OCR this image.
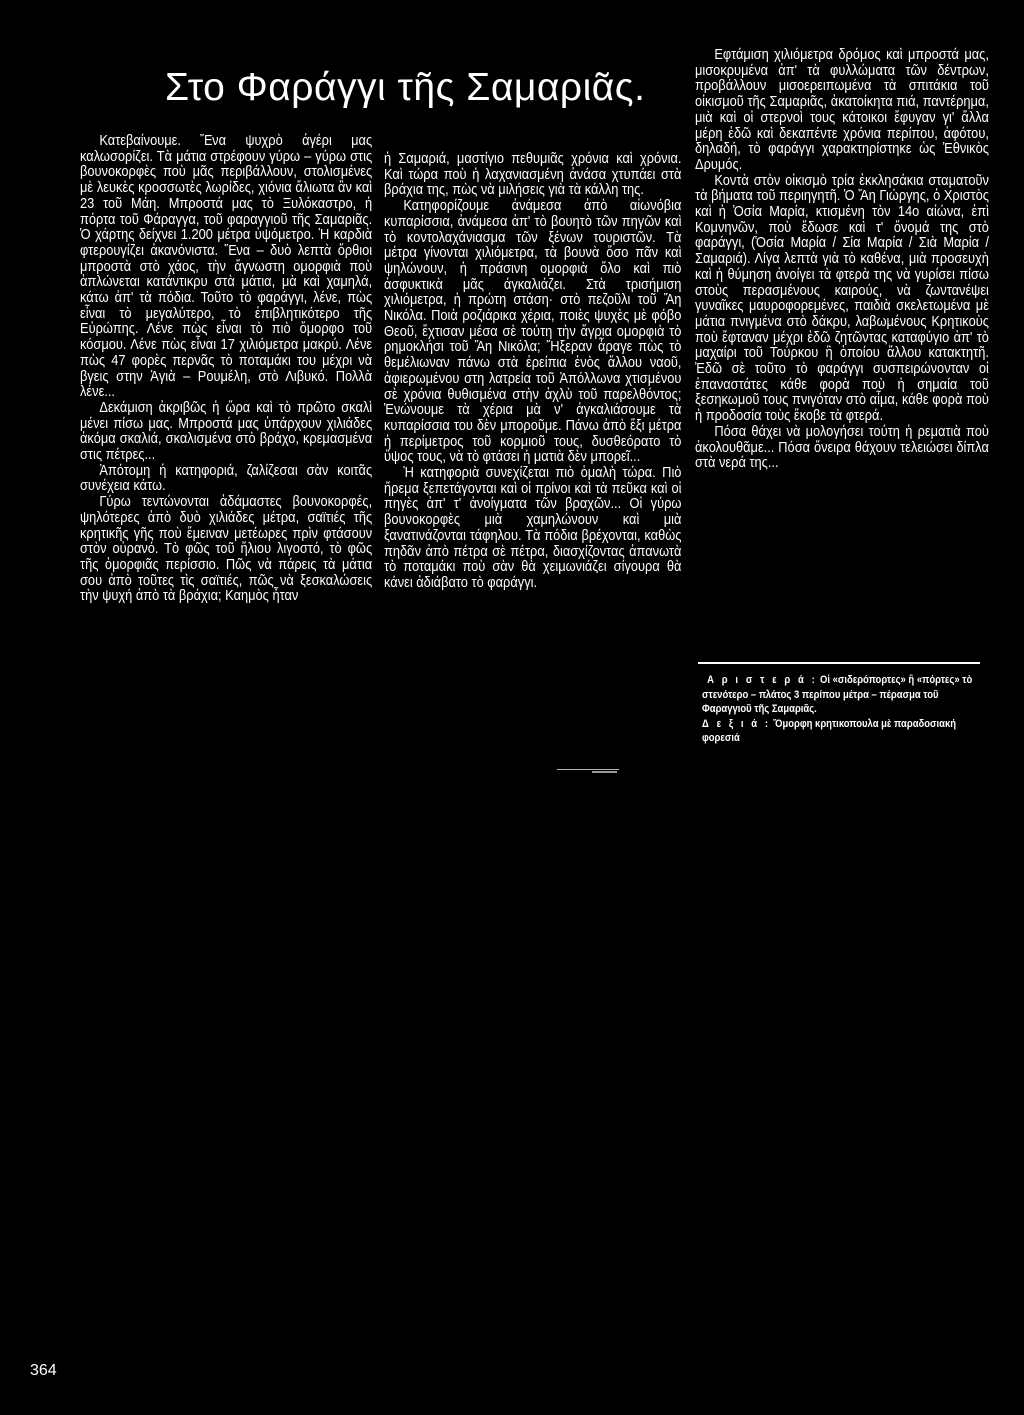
Στο Φαράγγι τῆς Σαμαριᾶς.

Κατεβαίνουμε. Ἕνα ψυχρὸ ἀγέρι μας καλωσορίζει. Τὰ μάτια στρέφουν γύρω – γύρω στις βουνοκορφὲς ποὺ μᾶς περιβάλλουν, στολισμένες μὲ λευκὲς κροσσωτὲς λωρίδες, χιόνια ἄλιωτα ἂν καὶ 23 τοῦ Μάη. Μπροστά μας τὸ Ξυλόκαστρο, ἡ πόρτα τοῦ Φάραγγα, τοῦ φαραγγιοῦ τῆς Σαμαριᾶς. Ὁ χάρτης δείχνει 1.200 μέτρα ὑψόμετρο. Ἡ καρδιὰ φτερουγίζει ἀκανόνιστα. Ἕνα – δυὸ λεπτὰ ὄρθιοι μπροστὰ στὸ χάος, τὴν ἄγνωστη ομορφιὰ ποὺ ἁπλώνεται κατάντικρυ στὰ μάτια, μὰ καὶ χαμηλά, κάτω ἀπ' τὰ πόδια. Τοῦτο τὸ φαράγγι, λένε, πὼς εἶναι τὸ μεγαλύτερο, τὸ ἐπιβλητικότερο τῆς Εὐρώπης. Λένε πὼς εἶναι τὸ πιὸ ὄμορφο τοῦ κόσμου. Λένε πὼς εἶναι 17 χιλιόμετρα μακρύ. Λένε πὼς 47 φορὲς περνᾶς τὸ ποταμάκι του μέχρι νὰ βγεις στην Ἁγιὰ – Ρουμέλη, στὸ Λιβυκό. Πολλὰ λένε...

Δεκάμιση ἀκριβῶς ἡ ὥρα καὶ τὸ πρῶτο σκαλὶ μένει πίσω μας. Μπροστά μας ὑπάρχουν χιλιάδες ἀκόμα σκαλιά, σκαλισμένα στὸ βράχο, κρεμασμένα στις πέτρες...

Ἀπότομη ἡ κατηφοριά, ζαλίζεσαι σὰν κοιτᾶς συνέχεια κάτω.

Γύρω τεντώνονται ἀδάμαστες βουνοκορφές, ψηλότερες ἀπὸ δυὸ χιλιάδες μέτρα, σαϊτιές τῆς κρητικῆς γῆς ποὺ ἔμειναν μετέωρες πρὶν φτάσουν στὸν οὐρανό. Τὸ φῶς τοῦ ἥλιου λιγοστό, τὸ φῶς τῆς ὀμορφιᾶς περίσσιο. Πῶς νὰ πάρεις τὰ μάτια σου ἀπὸ τοῦτες τὶς σαϊτιές, πῶς νὰ ξεσκαλώσεις τὴν ψυχή ἀπὸ τὰ βράχια; Καημὸς ἦταν

ἡ Σαμαριά, μαστίγιο πεθυμιᾶς χρόνια καὶ χρόνια. Καὶ τώρα ποὺ ἡ λαχανιασμένη ἀνάσα χτυπάει στὰ βράχια της, πὼς νὰ μιλήσεις γιὰ τὰ κάλλη της.

Κατηφορίζουμε ἀνάμεσα ἀπὸ αἰωνόβια κυπαρίσσια, ἀνάμεσα ἀπ' τὸ βουητὸ τῶν πηγῶν καὶ τὸ κοντολαχάνιασμα τῶν ξένων τουριστῶν. Τὰ μέτρα γίνονται χιλιόμετρα, τὰ βουνὰ ὅσο πᾶν καὶ ψηλώνουν, ἡ πράσινη ομορφιὰ ὅλο καὶ πιὸ ἀσφυκτικὰ μᾶς άγκαλιάζει. Στὰ τρισήμιση χιλιόμετρα, ἡ πρώτη στάση· στὸ πεζοῦλι τοῦ Ἅη Νικόλα. Ποιὰ ροζιάρικα χέρια, ποιὲς ψυχὲς μὲ φόβο Θεοῦ, ἔχτισαν μέσα σὲ τούτη τὴν ἄγρια ομορφιὰ τὸ ρημοκλήσι τοῦ Ἅη Νικόλα; Ἤξεραν ἆραγε πὼς τὸ θεμέλιωναν πάνω στὰ ἐρείπια ἑνὸς ἄλλου ναοῦ, ἀφιερωμένου στη λατρεία τοῦ Ἀπόλλωνα χτισμένου σὲ χρόνια θυθισμένα στὴν ἀχλὺ τοῦ παρελθόντος; Ἑνώνουμε τὰ χέρια μὰ ν' ἀγκαλιάσουμε τὰ κυπαρίσσια του δὲν μποροῦμε. Πάνω ἀπὸ ἔξι μέτρα ἡ περίμετρος τοῦ κορμιοῦ τους, δυσθεόρατο τὸ ὕψος τους, νὰ τὸ φτάσει ἡ ματιὰ δὲν μπορεῖ...

Ἡ κατηφοριὰ συνεχίζεται πιὸ ὁμαλὴ τώρα. Πιὸ ἤρεμα ξεπετάγονται καὶ οἱ πρίνοι καὶ τὰ πεῦκα καὶ οἱ πηγὲς ἀπ' τ' ἀνοίγματα τῶν βραχῶν... Οἱ γύρω βουνοκορφὲς μιὰ χαμηλώνουν καὶ μιὰ ξανατινάζονται τάφηλου. Τὰ πόδια βρέχονται, καθὼς πηδᾶν ἀπὸ πέτρα σὲ πέτρα, διασχίζοντας ἀπανωτὰ τὸ ποταμάκι ποὺ σὰν θὰ χειμωνιάζει σίγουρα θὰ κάνει ἀδιάβατο τὸ φαράγγι.

Εφτάμιση χιλιόμετρα δρόμος καὶ μπροστά μας, μισοκρυμένα ἀπ' τὰ φυλλώματα τῶν δέντρων, προβάλλουν μισοερειπωμένα τὰ σπιτάκια τοῦ οἰκισμοῦ τῆς Σαμαριᾶς, ἀκατοίκητα πιά, παντέρημα, μιὰ καὶ οἱ στερνοὶ τους κάτοικοι ἔφυγαν γι' ἄλλα μέρη ἐδῶ καὶ δεκαπέντε χρόνια περίπου, ἀφότου, δηλαδή, τὸ φαράγγι χαρακτηρίστηκε ὡς Ἐθνικὸς Δρυμός.

Κοντὰ στὸν οἰκισμὸ τρία ἐκκλησάκια σταματοῦν τὰ βήματα τοῦ περιηγητῆ. Ὁ Ἅη Γιώργης, ὁ Χριστὸς καὶ ἡ Ὁσία Μαρία, κτισμένη τὸν 14ο αἰώνα, ἐπὶ Κομνηνῶν, ποὺ ἔδωσε καὶ τ' ὄνομά της στὸ φαράγγι, (Ὁσία Μαρία / Σία Μαρία / Σιὰ Μαρία / Σαμαριά). Λίγα λεπτὰ γιὰ τὸ καθένα, μιὰ προσευχὴ καὶ ἡ θύμηση ἀνοίγει τὰ φτερὰ της νὰ γυρίσει πίσω στοὺς περασμένους καιρούς, νὰ ζωντανέψει γυναῖκες μαυροφορεμένες, παιδιὰ σκελετωμένα μὲ μάτια πνιγμένα στὸ δάκρυ, λαβωμένους Κρητικοὺς ποὺ ἔφταναν μέχρι ἐδῶ ζητῶντας καταφύγιο ἀπ' τὸ μαχαίρι τοῦ Τούρκου ἢ ὁποίου ἄλλου κατακτητῆ. Ἐδῶ σὲ τοῦτο τὸ φαράγγι συσπειρώνονταν οἱ ἐπαναστάτες κάθε φορὰ ποὺ ἡ σημαία τοῦ ξεσηκωμοῦ τους πνιγόταν στὸ αἷμα, κάθε φορὰ ποὺ ἡ προδοσία τοὺς ἔκοβε τὰ φτερά.

Πόσα θάχει νὰ μολογήσει τούτη ἡ ρεματιὰ ποὺ ἀκολουθᾶμε... Πόσα ὄνειρα θάχουν τελειώσει δίπλα στὰ νερά της...

Α ρ ι σ τ ε ρ ά : Οἱ «σιδερόπορτες» ἢ «πόρτες» τὸ στενότερο – πλάτος 3 περίπου μέτρα – πέρασμα τοῦ Φαραγγιοῦ τῆς Σαμαριᾶς.

Δ ε ξ ι ά : Ὄμορφη κρητικοπουλα μὲ παραδοσιακή φορεσιά

364
